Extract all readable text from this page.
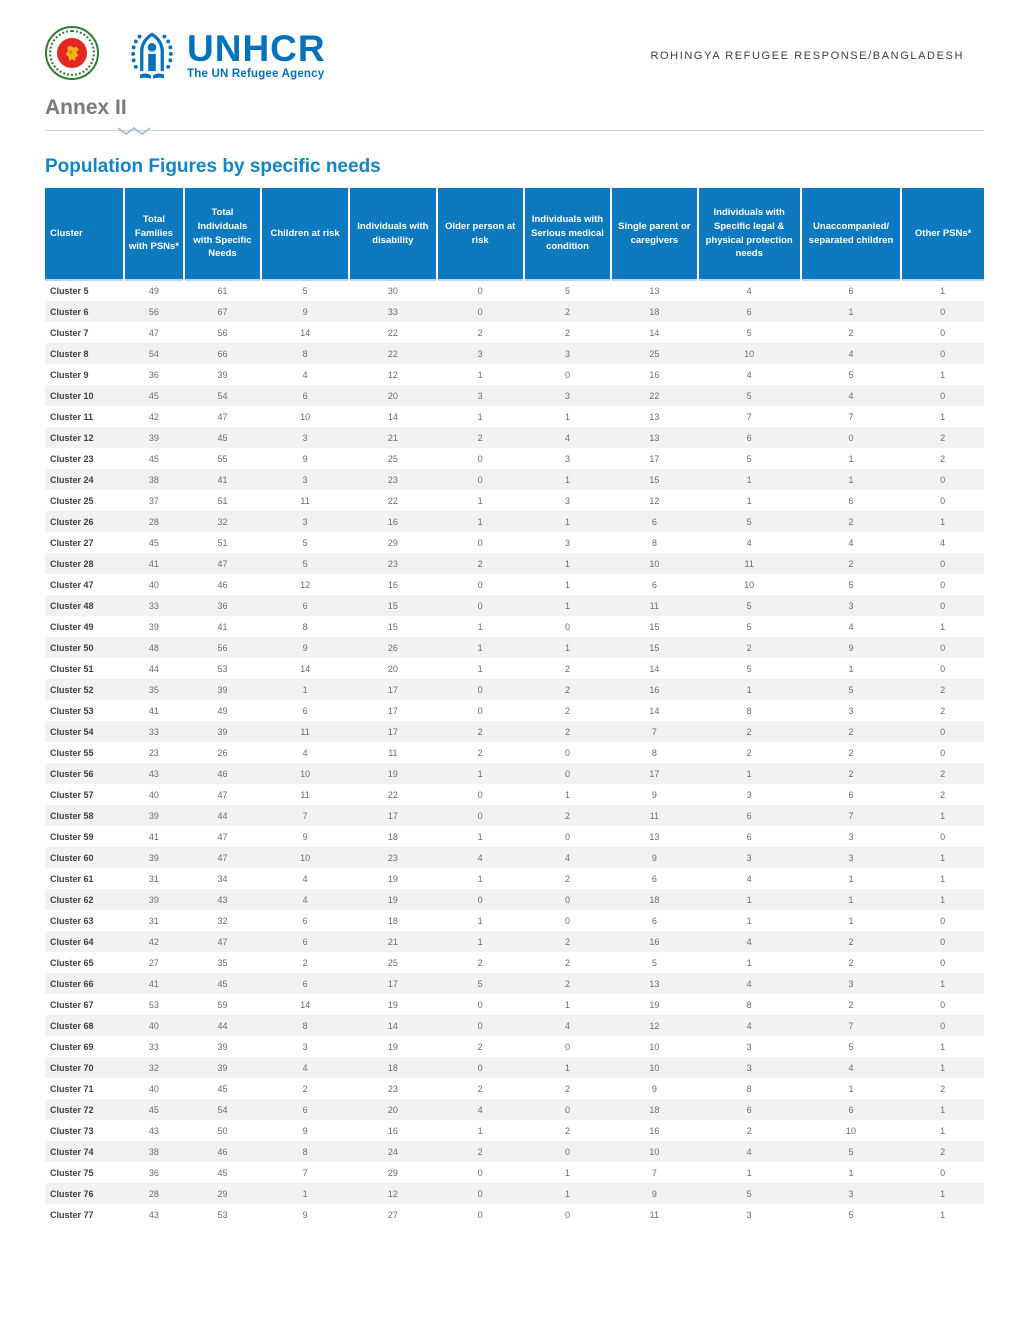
UNHCR
The UN Refugee Agency
ROHINGYA REFUGEE RESPONSE/BANGLADESH
Annex II
Population Figures by specific needs
Cluster	Total Families with PSNs*	Total Individuals with Specific Needs	Children at risk	Individuals with disability	Older person at risk	Individuals with Serious medical condition	Single parent or caregivers	Individuals with Specific legal & physical protection needs	Unaccompanied/ separated children	Other PSNs*
Cluster 5	49	61	5	30	0	5	13	4	6	1
Cluster 6	56	67	9	33	0	2	18	6	1	0
Cluster 7	47	56	14	22	2	2	14	5	2	0
Cluster 8	54	66	8	22	3	3	25	10	4	0
Cluster 9	36	39	4	12	1	0	16	4	5	1
Cluster 10	45	54	6	20	3	3	22	5	4	0
Cluster 11	42	47	10	14	1	1	13	7	7	1
Cluster 12	39	45	3	21	2	4	13	6	0	2
Cluster 23	45	55	9	25	0	3	17	5	1	2
Cluster 24	38	41	3	23	0	1	15	1	1	0
Cluster 25	37	51	11	22	1	3	12	1	6	0
Cluster 26	28	32	3	16	1	1	6	5	2	1
Cluster 27	45	51	5	29	0	3	8	4	4	4
Cluster 28	41	47	5	23	2	1	10	11	2	0
Cluster 47	40	46	12	16	0	1	6	10	5	0
Cluster 48	33	36	6	15	0	1	11	5	3	0
Cluster 49	39	41	8	15	1	0	15	5	4	1
Cluster 50	48	56	9	26	1	1	15	2	9	0
Cluster 51	44	53	14	20	1	2	14	5	1	0
Cluster 52	35	39	1	17	0	2	16	1	5	2
Cluster 53	41	49	6	17	0	2	14	8	3	2
Cluster 54	33	39	11	17	2	2	7	2	2	0
Cluster 55	23	26	4	11	2	0	8	2	2	0
Cluster 56	43	46	10	19	1	0	17	1	2	2
Cluster 57	40	47	11	22	0	1	9	3	6	2
Cluster 58	39	44	7	17	0	2	11	6	7	1
Cluster 59	41	47	9	18	1	0	13	6	3	0
Cluster 60	39	47	10	23	4	4	9	3	3	1
Cluster 61	31	34	4	19	1	2	6	4	1	1
Cluster 62	39	43	4	19	0	0	18	1	1	1
Cluster 63	31	32	6	18	1	0	6	1	1	0
Cluster 64	42	47	6	21	1	2	16	4	2	0
Cluster 65	27	35	2	25	2	2	5	1	2	0
Cluster 66	41	45	6	17	5	2	13	4	3	1
Cluster 67	53	59	14	19	0	1	19	8	2	0
Cluster 68	40	44	8	14	0	4	12	4	7	0
Cluster 69	33	39	3	19	2	0	10	3	5	1
Cluster 70	32	39	4	18	0	1	10	3	4	1
Cluster 71	40	45	2	23	2	2	9	8	1	2
Cluster 72	45	54	6	20	4	0	18	6	6	1
Cluster 73	43	50	9	16	1	2	16	2	10	1
Cluster 74	38	46	8	24	2	0	10	4	5	2
Cluster 75	36	45	7	29	0	1	7	1	1	0
Cluster 76	28	29	1	12	0	1	9	5	3	1
Cluster 77	43	53	9	27	0	0	11	3	5	1
